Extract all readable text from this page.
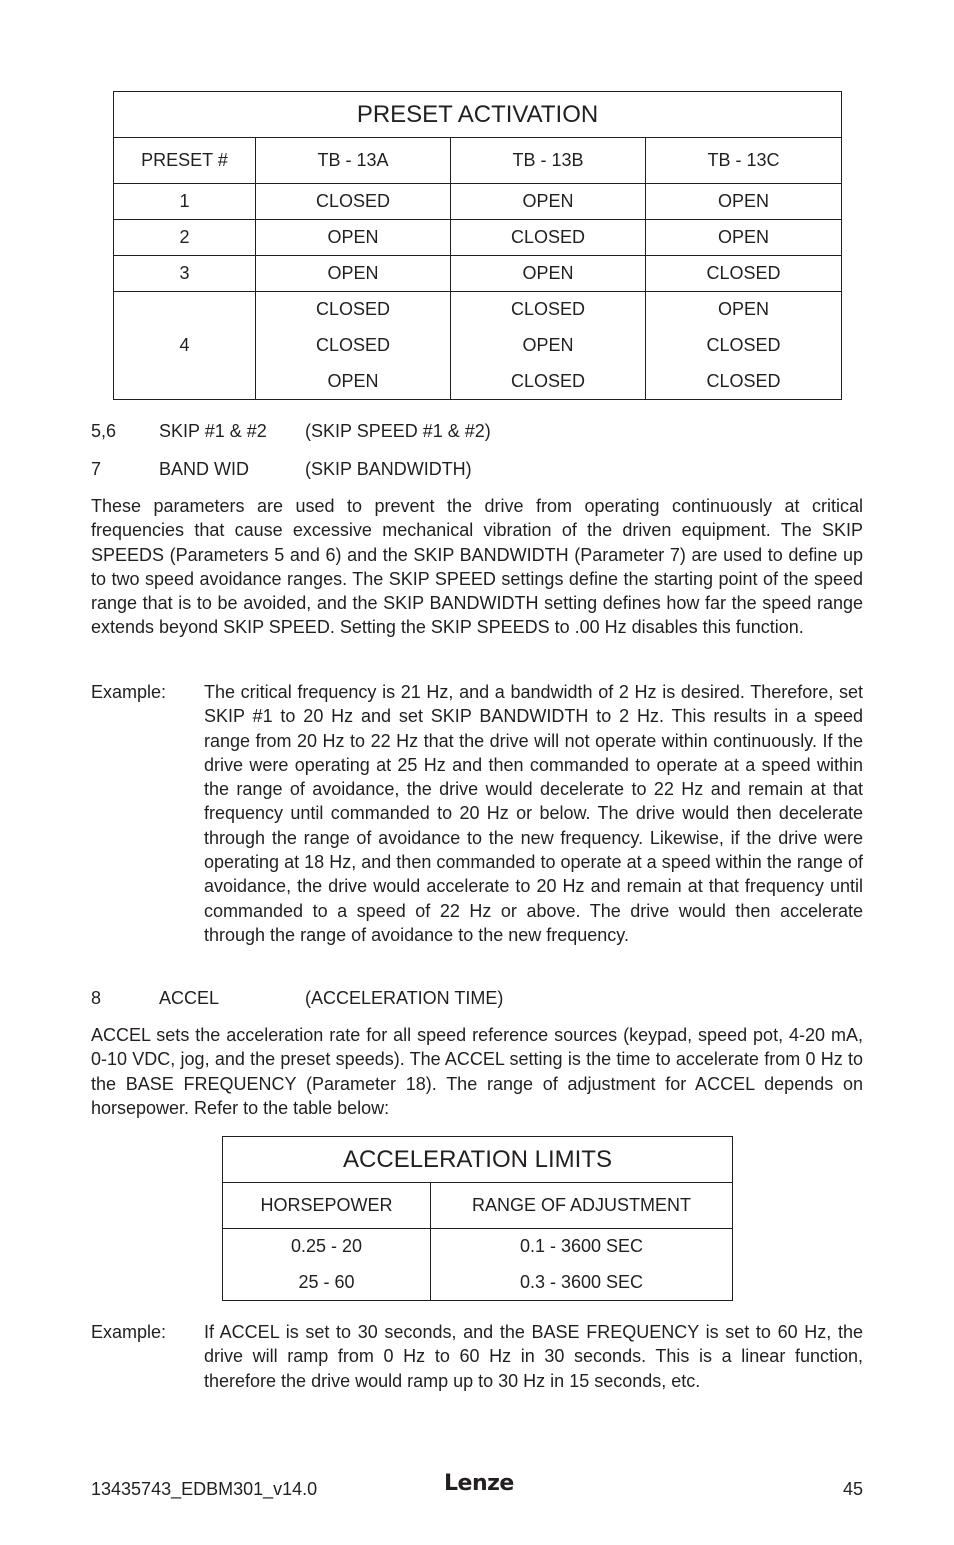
PRESET ACTIVATION			
PRESET #	TB - 13A	TB - 13B	TB - 13C
1	CLOSED	OPEN	OPEN
2	OPEN	CLOSED	OPEN
3	OPEN	OPEN	CLOSED
4	CLOSED	CLOSED	OPEN
	CLOSED	OPEN	CLOSED
	OPEN	CLOSED	CLOSED
5,6 SKIP #1 & #2 (SKIP SPEED #1 & #2)
7	BAND WID	(SKIP BANDWIDTH)
These parameters are used to prevent the drive from operating continuously at critical frequencies that cause excessive mechanical vibration of the driven equipment. The SKIP SPEEDS (Parameters 5 and 6) and the SKIP BANDWIDTH (Parameter 7) are used to define up to two speed avoidance ranges. The SKIP SPEED settings define the starting point of the speed range that is to be avoided, and the SKIP BANDWIDTH setting defines how far the speed range extends beyond SKIP SPEED. Setting the SKIP SPEEDS to .00 Hz disables this function.
Example: The critical frequency is 21 Hz, and a bandwidth of 2 Hz is desired. Therefore, set SKIP #1 to 20 Hz and set SKIP BANDWIDTH to 2 Hz. This results in a speed range from 20 Hz to 22 Hz that the drive will not operate within continuously. If the drive were operating at 25 Hz and then commanded to operate at a speed within the range of avoidance, the drive would decelerate to 22 Hz and remain at that frequency until commanded to 20 Hz or below. The drive would then decelerate through the range of avoidance to the new frequency. Likewise, if the drive were operating at 18 Hz, and then commanded to operate at a speed within the range of avoidance, the drive would accelerate to 20 Hz and remain at that frequency until commanded to a speed of 22 Hz or above. The drive would then accelerate through the range of avoidance to the new frequency.
8	ACCEL	(ACCELERATION TIME)
ACCEL sets the acceleration rate for all speed reference sources (keypad, speed pot, 4-20 mA, 0-10 VDC, jog, and the preset speeds). The ACCEL setting is the time to accelerate from 0 Hz to the BASE FREQUENCY (Parameter 18). The range of adjustment for ACCEL depends on horsepower. Refer to the table below:
ACCELERATION LIMITS	
HORSEPOWER	RANGE OF ADJUSTMENT
0.25 - 20	0.1 - 3600 SEC
25 - 60	0.3 - 3600 SEC
Example: If ACCEL is set to 30 seconds, and the BASE FREQUENCY is set to 60 Hz, the drive will ramp from 0 Hz to 60 Hz in 30 seconds. This is a linear function, therefore the drive would ramp up to 30 Hz in 15 seconds, etc.
13435743_EDBM301_v14.0	Lenze	45
